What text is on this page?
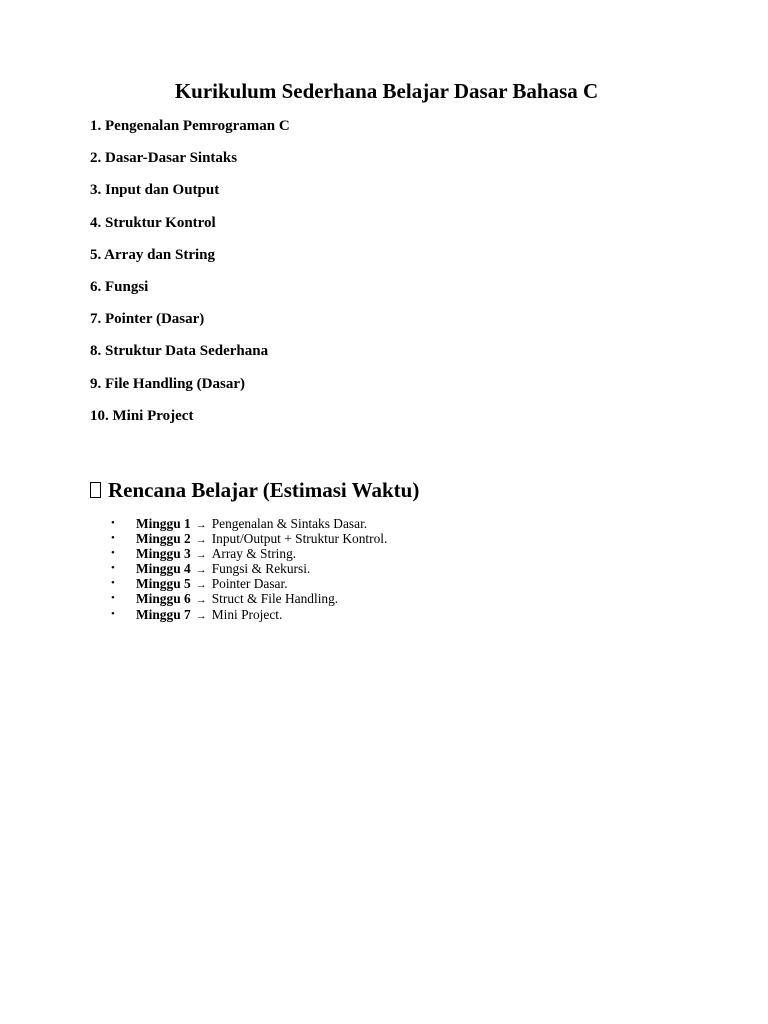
Kurikulum Sederhana Belajar Dasar Bahasa C
1. Pengenalan Pemrograman C
2. Dasar-Dasar Sintaks
3. Input dan Output
4. Struktur Kontrol
5. Array dan String
6. Fungsi
7. Pointer (Dasar)
8. Struktur Data Sederhana
9. File Handling (Dasar)
10. Mini Project
Rencana Belajar (Estimasi Waktu)
• Minggu 1 → Pengenalan & Sintaks Dasar.
• Minggu 2 → Input/Output + Struktur Kontrol.
• Minggu 3 → Array & String.
• Minggu 4 → Fungsi & Rekursi.
• Minggu 5 → Pointer Dasar.
• Minggu 6 → Struct & File Handling.
• Minggu 7 → Mini Project.
